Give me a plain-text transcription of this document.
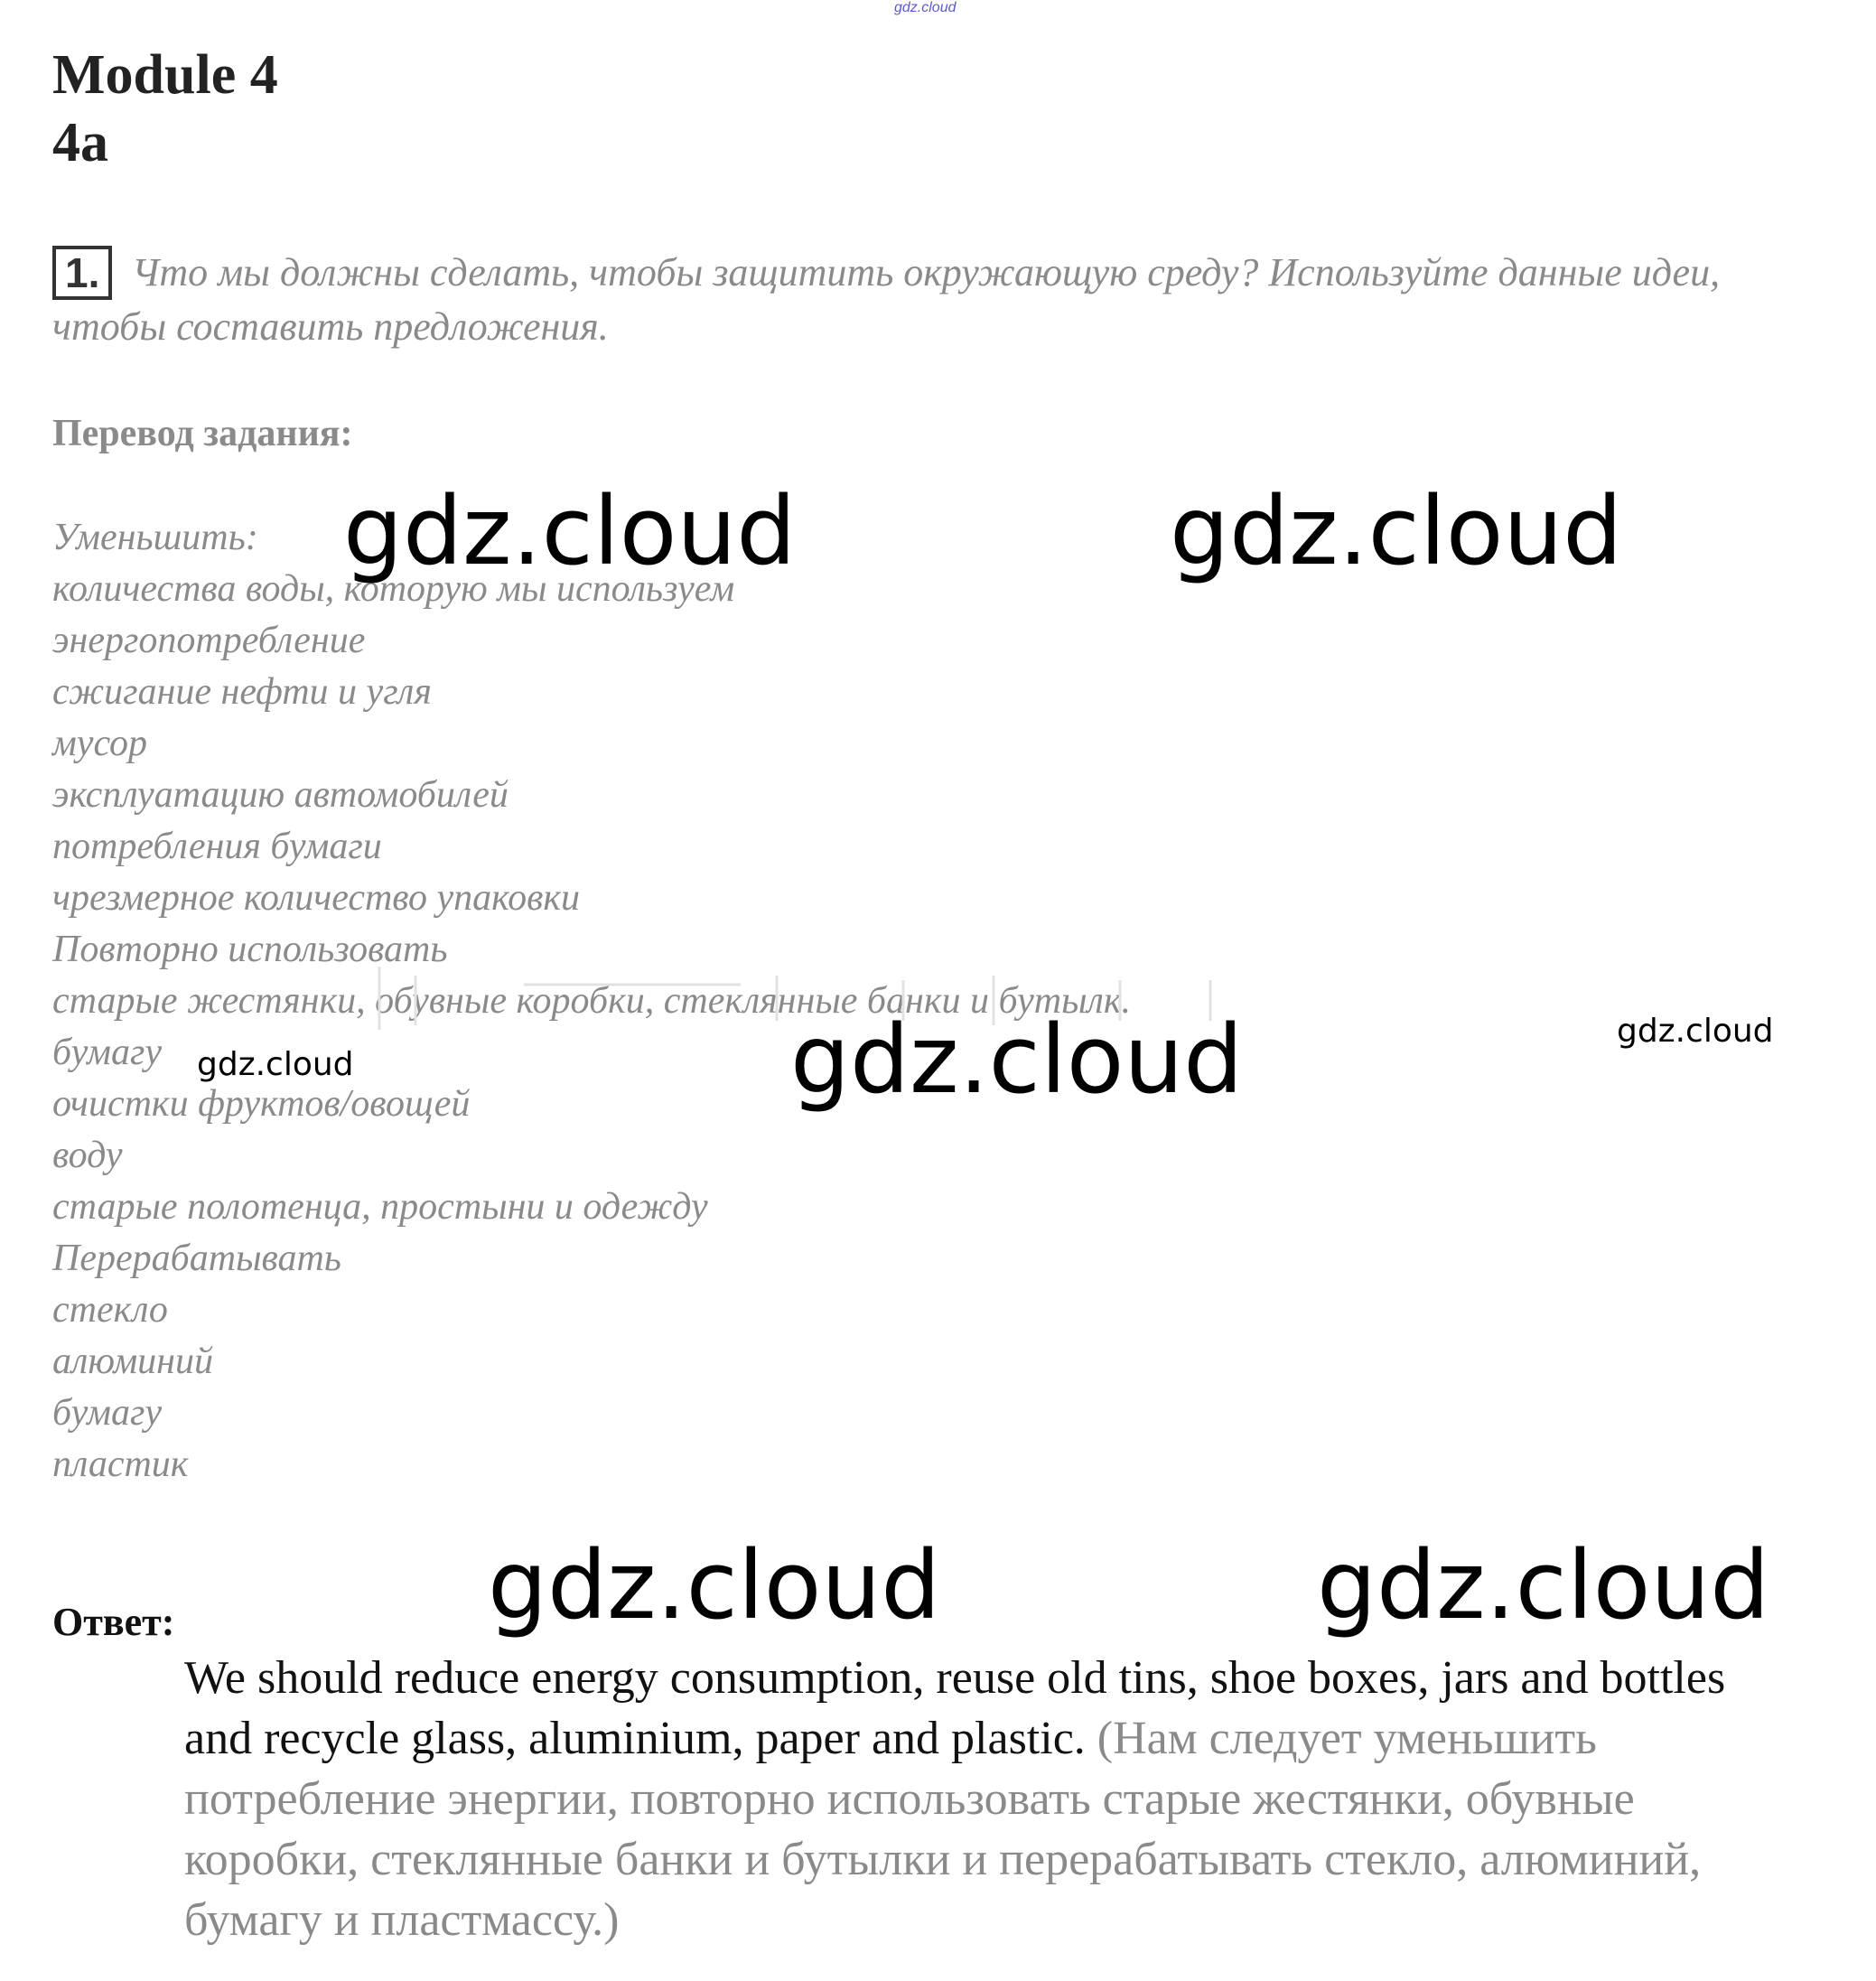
gdz.cloud
Module 4
4a
1. Что мы должны сделать, чтобы защитить окружающую среду? Используйте данные идеи, чтобы составить предложения.

Перевод задания:

Уменьшить:
количества воды, которую мы используем
энергопотребление
сжигание нефти и угля
мусор
эксплуатацию автомобилей
потребления бумаги
чрезмерное количество упаковки
Повторно использовать
старые жестянки, обувные коробки, стеклянные банки и бутылк.
бумагу
очистки фруктов/овощей
воду
старые полотенца, простыни и одежду
Перерабатывать
стекло
алюминий
бумагу
пластик

Ответ:

We should reduce energy consumption, reuse old tins, shoe boxes, jars and bottles and recycle glass, aluminium, paper and plastic. (Нам следует уменьшить потребление энергии, повторно использовать старые жестянки, обувные коробки, стеклянные банки и бутылки и перерабатывать стекло, алюминий, бумагу и пластмассу.)

gdz.cloud	gdz.cloud
gdz.cloud
gdz.cloud
gdz.cloud
gdz.cloud	gdz.cloud
